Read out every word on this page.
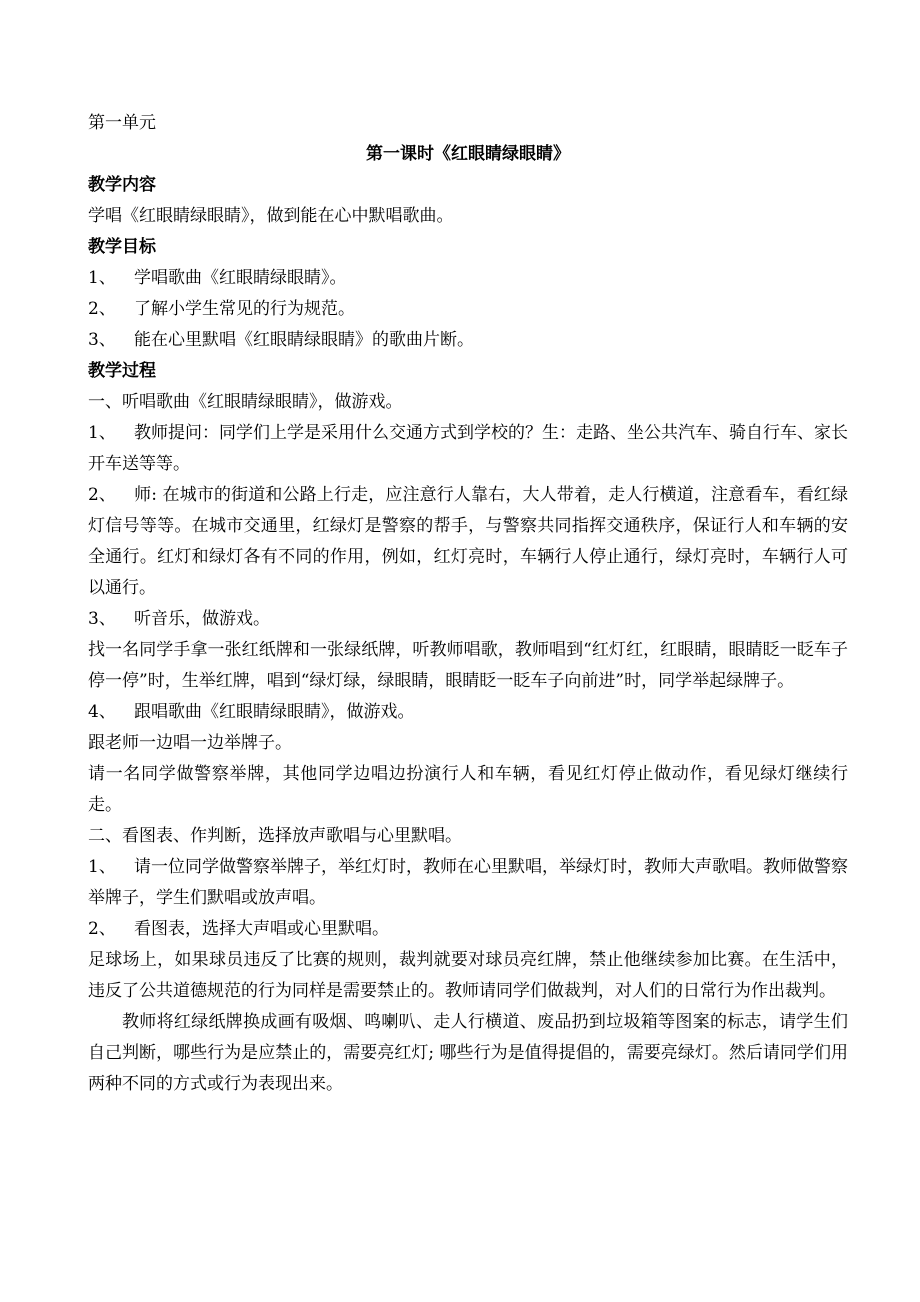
第一单元
第一课时《红眼睛绿眼睛》
教学内容
学唱《红眼睛绿眼睛》，做到能在心中默唱歌曲。
教学目标
1、	学唱歌曲《红眼睛绿眼睛》。
2、	了解小学生常见的行为规范。
3、	能在心里默唱《红眼睛绿眼睛》的歌曲片断。
教学过程
一、听唱歌曲《红眼睛绿眼睛》，做游戏。
1、 教师提问：同学们上学是采用什么交通方式到学校的？生：走路、坐公共汽车、骑自行车、家长开车送等等。
2、 师: 在城市的街道和公路上行走，应注意行人靠右，大人带着，走人行横道，注意看车，看红绿灯信号等等。在城市交通里，红绿灯是警察的帮手，与警察共同指挥交通秩序，保证行人和车辆的安全通行。红灯和绿灯各有不同的作用，例如，红灯亮时，车辆行人停止通行，绿灯亮时，车辆行人可以通行。
3、 听音乐，做游戏。
找一名同学手拿一张红纸牌和一张绿纸牌，听教师唱歌，教师唱到“红灯红，红眼睛，眼睛眨一眨车子停一停”时，生举红牌，唱到“绿灯绿，绿眼睛，眼睛眨一眨车子向前进”时，同学举起绿牌子。
4、 跟唱歌曲《红眼睛绿眼睛》，做游戏。
跟老师一边唱一边举牌子。
请一名同学做警察举牌，其他同学边唱边扮演行人和车辆，看见红灯停止做动作，看见绿灯继续行走。
二、看图表、作判断，选择放声歌唱与心里默唱。
1、 请一位同学做警察举牌子，举红灯时，教师在心里默唱，举绿灯时，教师大声歌唱。教师做警察举牌子，学生们默唱或放声唱。
2、 看图表，选择大声唱或心里默唱。
足球场上，如果球员违反了比赛的规则，裁判就要对球员亮红牌，禁止他继续参加比赛。在生活中，违反了公共道德规范的行为同样是需要禁止的。教师请同学们做裁判，对人们的日常行为作出裁判。
教师将红绿纸牌换成画有吸烟、鸣喇叭、走人行横道、废品扔到垃圾箱等图案的标志，请学生们自己判断，哪些行为是应禁止的，需要亮红灯; 哪些行为是值得提倡的，需要亮绿灯。然后请同学们用两种不同的方式或行为表现出来。
